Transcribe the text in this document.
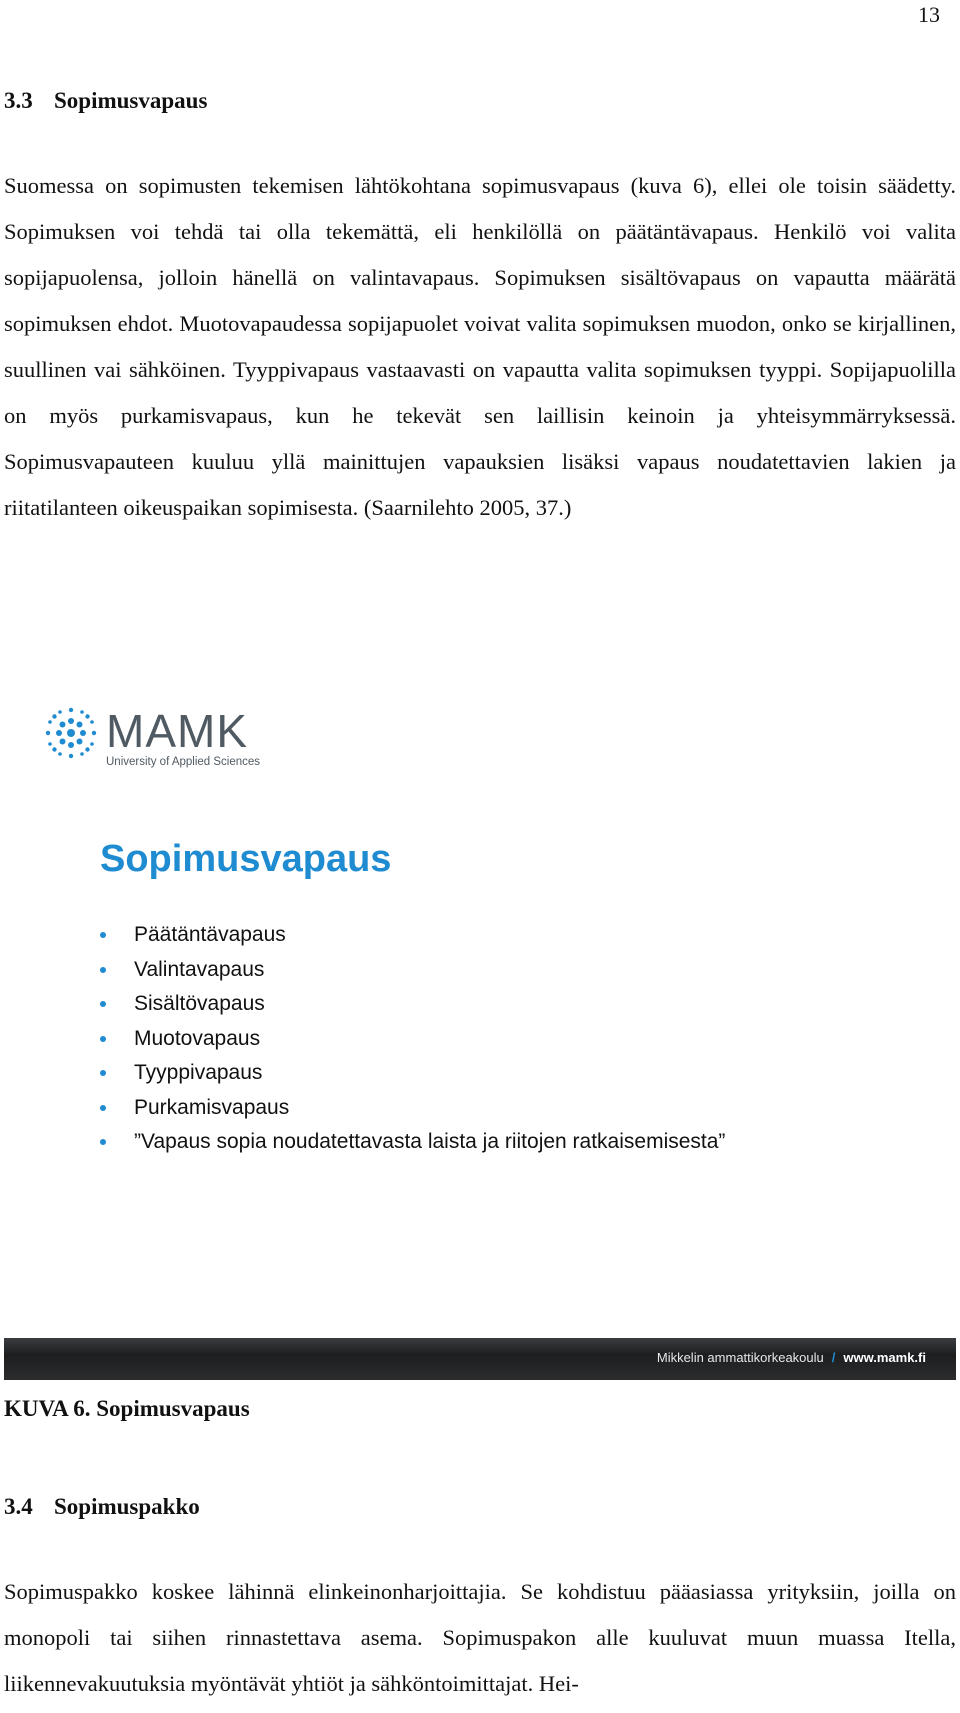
13
3.3 Sopimusvapaus

Suomessa on sopimusten tekemisen lähtökohtana sopimusvapaus (kuva 6), ellei ole toisin säädetty. Sopimuksen voi tehdä tai olla tekemättä, eli henkilöllä on päätäntävapaus. Henkilö voi valita sopijapuolensa, jolloin hänellä on valintavapaus. Sopimuksen sisältövapaus on vapautta määrätä sopimuksen ehdot. Muotovapaudessa sopijapuolet voivat valita sopimuksen muodon, onko se kirjallinen, suullinen vai sähköinen. Tyyppivapaus vastaavasti on vapautta valita sopimuksen tyyppi. Sopijapuolilla on myös purkamisvapaus, kun he tekevät sen laillisin keinoin ja yhteisymmärryksessä. Sopimusvapauteen kuuluu yllä mainittujen vapauksien lisäksi vapaus noudatettavien lakien ja riitatilanteen oikeuspaikan sopimisesta. (Saarnilehto 2005, 37.)

MAMK
University of Applied Sciences
Sopimusvapaus
Päätäntävapaus
Valintavapaus
Sisältövapaus
Muotovapaus
Tyyppivapaus
Purkamisvapaus
”Vapaus sopia noudatettavasta laista ja riitojen ratkaisemisesta”
Mikkelin ammattikorkeakoulu / www.mamk.fi

KUVA 6. Sopimusvapaus

3.4 Sopimuspakko

Sopimuspakko koskee lähinnä elinkeinonharjoittajia. Se kohdistuu pääasiassa yrityksiin, joilla on monopoli tai siihen rinnastettava asema. Sopimuspakon alle kuuluvat muun muassa Itella, liikennevakuutuksia myöntävät yhtiöt ja sähköntoimittajat. Hei-
